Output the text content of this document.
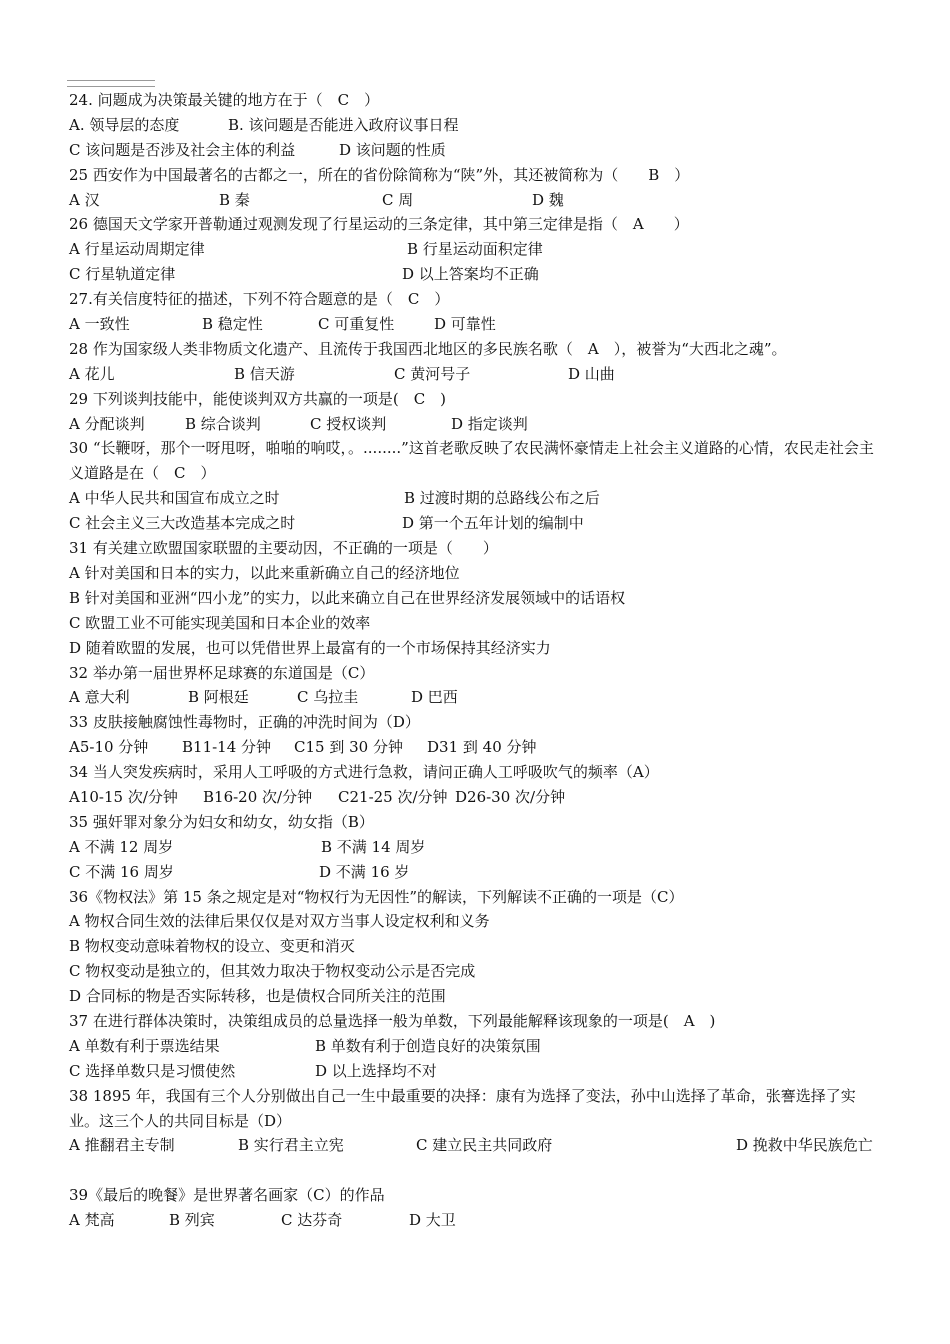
24. 问题成为决策最关键的地方在于（　C　）
A. 领导层的态度	B. 该问题是否能进入政府议事日程
C 该问题是否涉及社会主体的利益	D 该问题的性质
25 西安作为中国最著名的古都之一，所在的省份除简称为“陕”外，其还被简称为（　　B　）
A 汉	B 秦	C 周	D 魏
26 德国天文学家开普勒通过观测发现了行星运动的三条定律，其中第三定律是指（　A　　）
A 行星运动周期定律	B 行星运动面积定律
C 行星轨道定律	D 以上答案均不正确
27.有关信度特征的描述，下列不符合题意的是（　C　）
A 一致性	B 稳定性	C 可重复性	D 可靠性
28 作为国家级人类非物质文化遗产、且流传于我国西北地区的多民族名歌（　A　），被誉为“大西北之魂”。
A 花儿	B 信天游	C 黄河号子	D 山曲
29 下列谈判技能中，能使谈判双方共赢的一项是(　C　)
A 分配谈判	B 综合谈判	C 授权谈判	D 指定谈判
30 “长鞭呀，那个一呀甩呀，啪啪的响哎，。........”这首老歌反映了农民满怀豪情走上社会主义道路的心情，农民走社会主义道路是在（　C　）
A 中华人民共和国宣布成立之时	B 过渡时期的总路线公布之后
C 社会主义三大改造基本完成之时	D 第一个五年计划的编制中
31 有关建立欧盟国家联盟的主要动因，不正确的一项是（　　）
A 针对美国和日本的实力，以此来重新确立自己的经济地位
B 针对美国和亚洲“四小龙”的实力，以此来确立自己在世界经济发展领域中的话语权
C 欧盟工业不可能实现美国和日本企业的效率
D 随着欧盟的发展，也可以凭借世界上最富有的一个市场保持其经济实力
32 举办第一届世界杯足球赛的东道国是（C）
A 意大利	B 阿根廷	C 乌拉圭	D 巴西
33 皮肤接触腐蚀性毒物时，正确的冲洗时间为（D）
A5-10 分钟 B11-14 分钟 C15 到 30 分钟 D31 到 40 分钟
34 当人突发疾病时，采用人工呼吸的方式进行急救，请问正确人工呼吸吹气的频率（A）
A10-15 次/分钟 B16-20 次/分钟 C21-25 次/分钟 D26-30 次/分钟
35 强奸罪对象分为妇女和幼女，幼女指（B）
A 不满 12 周岁	B 不满 14 周岁
C 不满 16 周岁	D 不满 16 岁
36《物权法》第 15 条之规定是对“物权行为无因性”的解读，下列解读不正确的一项是（C）
A 物权合同生效的法律后果仅仅是对双方当事人设定权利和义务
B 物权变动意味着物权的设立、变更和消灭
C 物权变动是独立的，但其效力取决于物权变动公示是否完成
D 合同标的物是否实际转移，也是债权合同所关注的范围
37 在进行群体决策时，决策组成员的总量选择一般为单数，下列最能解释该现象的一项是(　A　)
A 单数有利于票选结果	B 单数有利于创造良好的决策氛围
C 选择单数只是习惯使然	D 以上选择均不对
38 1895 年，我国有三个人分别做出自己一生中最重要的决择：康有为选择了变法，孙中山选择了革命，张謇选择了实业。这三个人的共同目标是（D）
A 推翻君主专制	B 实行君主立宪	C 建立民主共同政府	D 挽救中华民族危亡
39《最后的晚餐》是世界著名画家（C）的作品
A 梵高	B 列宾	C 达芬奇	D 大卫
